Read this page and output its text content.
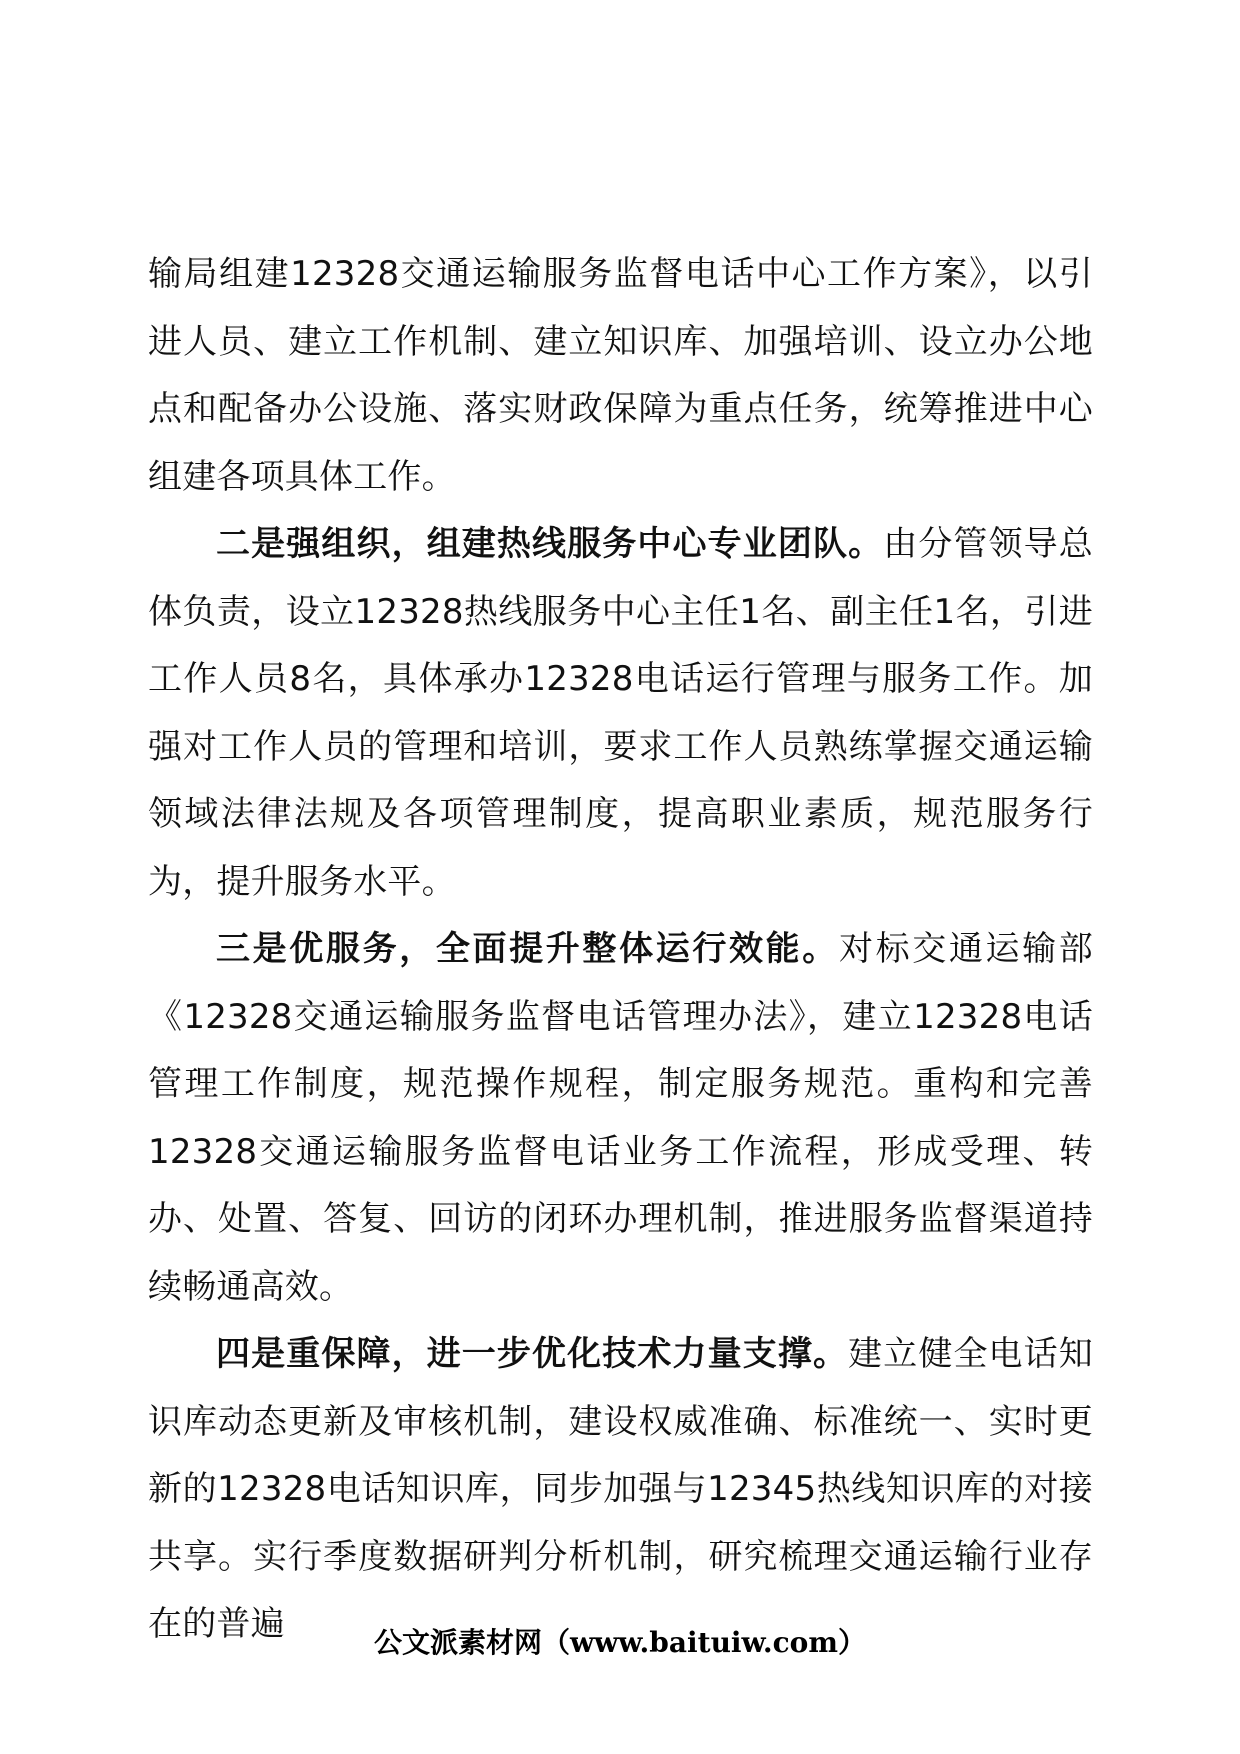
输局组建12328交通运输服务监督电话中心工作方案》，以引进人员、建立工作机制、建立知识库、加强培训、设立办公地点和配备办公设施、落实财政保障为重点任务，统筹推进中心组建各项具体工作。

二是强组织，组建热线服务中心专业团队。由分管领导总体负责，设立12328热线服务中心主任1名、副主任1名，引进工作人员8名，具体承办12328电话运行管理与服务工作。加强对工作人员的管理和培训，要求工作人员熟练掌握交通运输领域法律法规及各项管理制度，提高职业素质，规范服务行为，提升服务水平。

三是优服务，全面提升整体运行效能。对标交通运输部《12328交通运输服务监督电话管理办法》，建立12328电话管理工作制度，规范操作规程，制定服务规范。重构和完善12328交通运输服务监督电话业务工作流程，形成受理、转办、处置、答复、回访的闭环办理机制，推进服务监督渠道持续畅通高效。

四是重保障，进一步优化技术力量支撑。建立健全电话知识库动态更新及审核机制，建设权威准确、标准统一、实时更新的12328电话知识库，同步加强与12345热线知识库的对接共享。实行季度数据研判分析机制，研究梳理交通运输行业存在的普遍	公文派素材网（www.baituiw.com）
